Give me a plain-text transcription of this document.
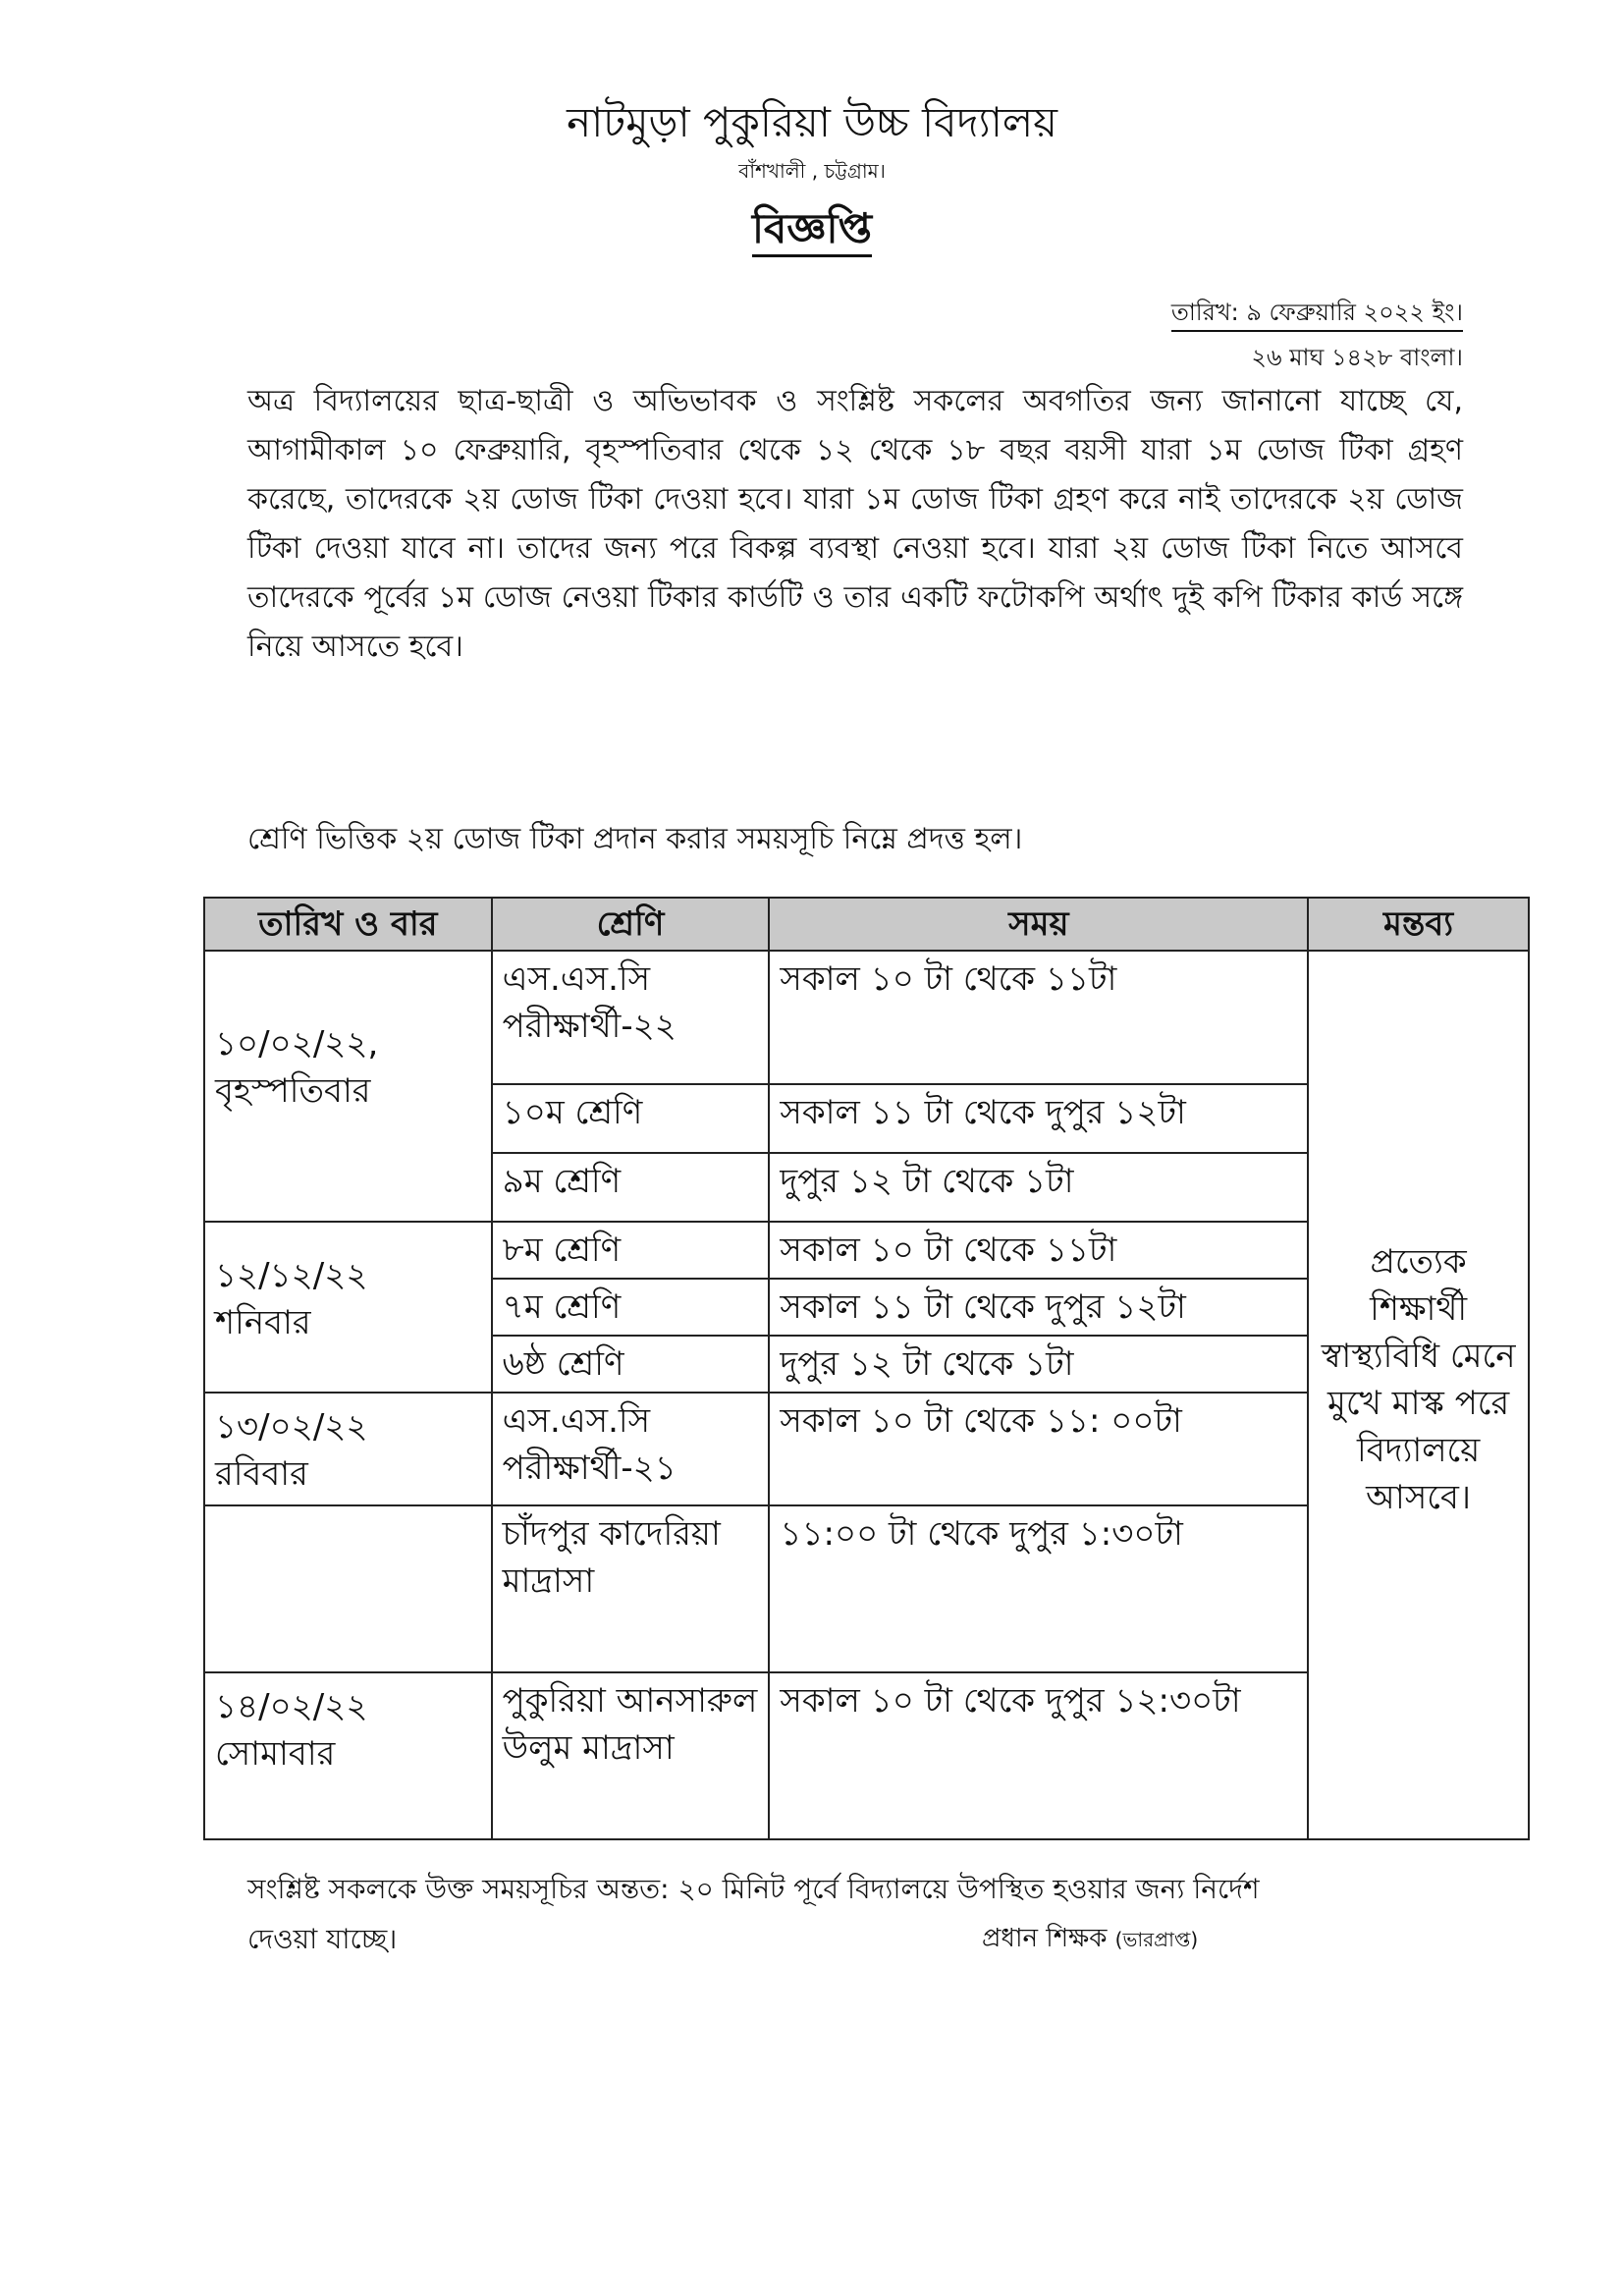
নাটমুড়া পুকুরিয়া উচ্চ বিদ্যালয়
বাঁশখালী , চট্টগ্রাম।
বিজ্ঞপ্তি
তারিখ: ৯ ফেব্রুয়ারি ২০২২ ইং।
২৬ মাঘ ১৪২৮ বাংলা।
অত্র বিদ্যালয়ের ছাত্র-ছাত্রী ও অভিভাবক ও সংশ্লিষ্ট সকলের অবগতির জন্য জানানো যাচ্ছে যে, আগামীকাল ১০ ফেব্রুয়ারি, বৃহস্পতিবার থেকে ১২ থেকে ১৮ বছর বয়সী যারা ১ম ডোজ টিকা গ্রহণ করেছে, তাদেরকে ২য় ডোজ টিকা দেওয়া হবে। যারা ১ম ডোজ টিকা গ্রহণ করে নাই তাদেরকে ২য় ডোজ টিকা দেওয়া যাবে না। তাদের জন্য পরে বিকল্প ব্যবস্থা নেওয়া হবে। যারা ২য় ডোজ টিকা নিতে আসবে তাদেরকে পূর্বের ১ম ডোজ নেওয়া টিকার কার্ডটি ও তার একটি ফটোকপি অর্থাৎ দুই কপি টিকার কার্ড সঙ্গে নিয়ে আসতে হবে।
শ্রেণি ভিত্তিক ২য় ডোজ টিকা প্রদান করার সময়সূচি নিম্নে প্রদত্ত হল।
তারিখ ও বার	শ্রেণি	সময়	মন্তব্য

১০/০২/২২,
বৃহস্পতিবার	এস.এস.সি পরীক্ষার্থী-২২	সকাল ১০ টা থেকে ১১টা	প্রত্যেক শিক্ষার্থী স্বাস্থ্যবিধি মেনে মুখে মাস্ক পরে বিদ্যালয়ে আসবে।
	১০ম শ্রেণি	সকাল ১১ টা থেকে দুপুর ১২টা	
	৯ম শ্রেণি	দুপুর ১২ টা থেকে ১টা	

১২/১২/২২
শনিবার	৮ম শ্রেণি	সকাল ১০ টা থেকে ১১টা	
	৭ম শ্রেণি	সকাল ১১ টা থেকে দুপুর ১২টা	
	৬ষ্ঠ শ্রেণি	দুপুর ১২ টা থেকে ১টা	

১৩/০২/২২
রবিবার	এস.এস.সি পরীক্ষার্থী-২১	সকাল ১০ টা থেকে ১১: ০০টা	

	চাঁদপুর কাদেরিয়া মাদ্রাসা	১১:০০ টা থেকে দুপুর ১:৩০টা	

১৪/০২/২২
সোমাবার	পুকুরিয়া আনসারুল উলুম মাদ্রাসা	সকাল ১০ টা থেকে দুপুর ১২:৩০টা	

সংশ্লিষ্ট সকলকে উক্ত সময়সূচির অন্তত: ২০ মিনিট পূর্বে বিদ্যালয়ে উপস্থিত হওয়ার জন্য নির্দেশ
দেওয়া যাচ্ছে।	প্রধান শিক্ষক (ভারপ্রাপ্ত)
